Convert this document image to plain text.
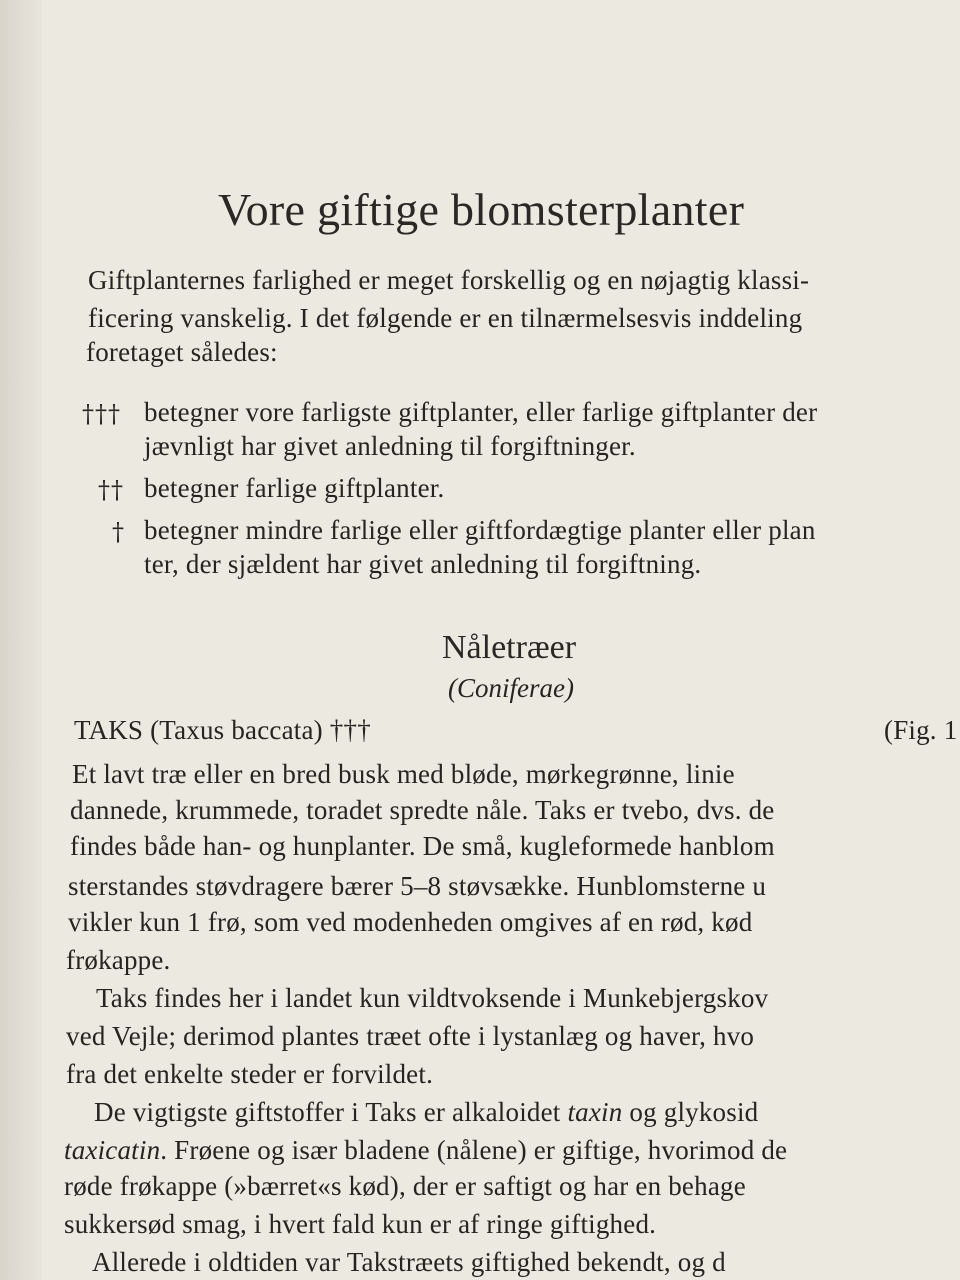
Vore giftige blomsterplanter
Giftplanternes farlighed er meget forskellig og en nøjagtig klassi-
ficering vanskelig. I det følgende er en tilnærmelsesvis inddeling
foretaget således:
††† betegner vore farligste giftplanter, eller farlige giftplanter der
jævnligt har givet anledning til forgiftninger.
†† betegner farlige giftplanter.
† betegner mindre farlige eller giftfordægtige planter eller plan
ter, der sjældent har givet anledning til forgiftning.
Nåletræer
(Coniferae)
TAKS (Taxus baccata) †††	(Fig. 1
Et lavt træ eller en bred busk med bløde, mørkegrønne, linie
dannede, krummede, toradet spredte nåle. Taks er tvebo, dvs. de
findes både han- og hunplanter. De små, kugleformede hanblom
sterstandes støvdragere bærer 5–8 støvsække. Hunblomsterne u
vikler kun 1 frø, som ved modenheden omgives af en rød, kød
frøkappe.
Taks findes her i landet kun vildtvoksende i Munkebjergskov
ved Vejle; derimod plantes træet ofte i lystanlæg og haver, hvo
fra det enkelte steder er forvildet.
De vigtigste giftstoffer i Taks er alkaloidet taxin og glykosid
taxicatin. Frøene og især bladene (nålene) er giftige, hvorimod de
røde frøkappe (»bærret«s kød), der er saftigt og har en behage
sukkersød smag, i hvert fald kun er af ringe giftighed.
Allerede i oldtiden var Takstræets giftighed bekendt, og d
